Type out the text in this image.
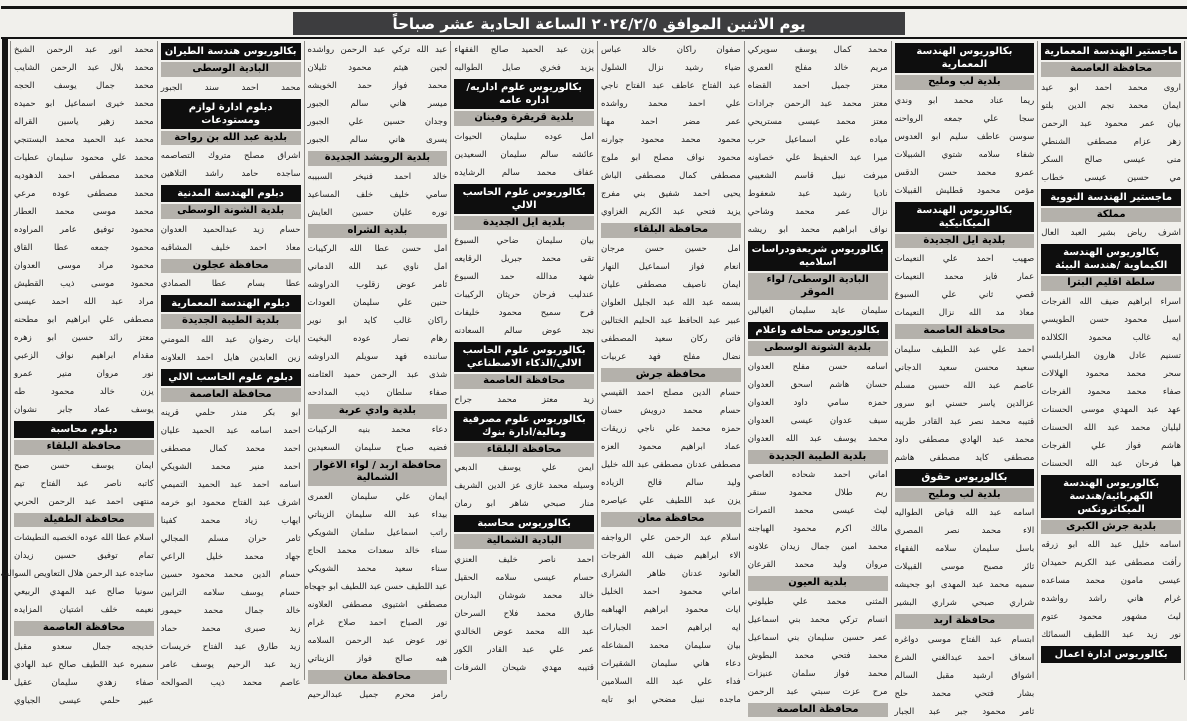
يوم الاثنين الموافق ٢٠٢٤/٢/٥ الساعة الحادية عشر صباحاً
ماجستير الهندسة المعمارية
محافظة العاصمة
اروى محمد احمد ابو عيد
ايمان محمد نجم الدين بلتو
بيان عمر محمود عبد الرحمن
زهر عزام مصطفى الشنطي
منى عيسى صالح السكر
مي حسين عيسى خطاب
ماجستير الهندسة النووية
مملكة
اشرف رياض بشير العبد العال
بكالوريوس الهندسة الكيماوية /هندسة البيئة
سلطة اقليم البترا
اسراء ابراهيم ضيف الله الفرجات
اسيل محمود حسن الطويسي
ايه غالب محمود الكلالده
تسنيم عادل هارون الطرابلسي
سحر محمد محمود الهلالات
صفاء محمد محمود الفرجات
عهد عبد المهدي موسى الحسنات
ليليان محمد عبد الله الحسنات
هاشم فواز علي الفرجات
هيا فرحان عبد الله الحسنات
بكالوريوس الهندسة الكهربائية/هندسة الميكاترونكس
بلدية جرش الكبرى
اسامه خليل عبد الله ابو زرقه
رأفت مصطفى عبد الكريم حميدان
عيسى مامون محمد مساعده
غرام هاني راشد رواشده
ليث مشهور محمود عتوم
نور زيد عبد اللطيف السمائك
بكالوريوس ادارة اعمال
بكالوريوس الهندسة المعمارية
بلدية لب ومليح
ريما عناد محمد ابو وندي
سجا علي جمعه الرواحنه
سوسن عاطف سليم ابو العدوس
شفاء سلامه شتوي الشبيلات
عمرو محمد حسن الدقس
مؤمن محمود قطليش القبيلات
بكالوريوس الهندسة الميكانيكية
بلدية ايل الجديدة
صهيب احمد علي النعيمات
عمار فايز محمد النعيمات
قصي ثاني علي السبوع
معاذ مد الله نزال النعيمات
محافظة العاصمة
احمد علي عبد اللطيف سليمان
سعيد محسن سعيد الدجاني
عاصم عبد الله حسين مسلم
عزالدين ياسر حسني ابو سرور
قتيبه محمد نصر عبد القادر طريبه
محمد عبد الهادي مصطفى داود
مصطفى كايد مصطفى هاشم
بكالوريوس حقوق
بلدية لب ومليح
اسامه عبد الله فياض الطواليه
الاء محمد نصر المصري
باسل سليمان سلامه الفقهاء
ثائر مصبح موسى القبيلات
سميه محمد عبد المهدى ابو جحيشه
شراري صبحي شراري البشير
محافظة اربد
ابتسام عبد الفتاح موسى دواغره
اسعاف احمد عبدالغني الشرع
اشواق ارشيد مقبل السالم
بشار فتحي محمد حلح
ثامر محمود جبر عبد الجبار
محمد كمال يوسف سويركي
مريم خالد مفلح العمري
معتز جميل احمد القضاه
معتز محمد عبد الرحمن جرادات
معتز محمد عيسى مستريحي
مياده علي اسماعيل حرب
ميرا عبد الحفيظ علي خصاونه
ميرفت نبيل قاسم الشعيبي
ناديا رشيد عبد شعفوط
نزال عمر محمد وشاحي
نواف ابراهيم محمد ابو ريشه
بكالوريوس شريعةودراسات اسلاميه
البادية الوسطى/ لواء الموقر
سليمان عايد سليمان الغيالين
بكالوريوس صحافه واعلام
بلدية الشونة الوسطى
اسامه حسن مفلح العدوان
حسان هاشم اسحق العدوان
حمزه سامي داود العدوان
سيف عدوان عيسى العدوان
محمد يوسف عبد الله العدوان
بلدية الطيبة الجديدة
اماني احمد شحاده العاصي
ريم طلال محمود سنقر
ليث عيسى محمد التمرات
مالك اكرم محمود الهياجنه
محمد امين جمال زيدان علاونه
مروان وليد محمد القرعان
بلدية العيون
المثنى محمد علي طيلوني
انسام تركي محمد بني اسماعيل
عمر حسين سليمان بني اسماعيل
محمد فتحي محمد البطوش
محمد فواز سلمان عنيزات
مرح عزت سبتي عبد الرحمن
محافظة العاصمة
صفوان راكان خالد عباس
ضياء رشيد نزال الشلول
عبد الفتاح عاطف عبد الفتاح ناجي
علي احمد محمد رواشده
عمر مضر احمد مهنا
محمود محمد محمود جوارنه
محمود نواف مصلح ابو ملوج
مصطفى كمال مصطفى الباش
يحيى احمد شفيق بني مفرج
يزيد فتحي عبد الكريم الغزاوي
محافظة البلقاء
امل حسين حسن مرجان
انعام فواز اسماعيل النهار
ايمان ناصيف مصطفى عليان
بسمه عبد الله عبد الجليل العلوان
عبير عبد الحافظ عبد الحليم الختالين
فاتن ركان سعيد المصطفى
نضال مفلح فهد عربيات
محافظة جرش
حسام الدين مصلح احمد القيسي
حسام محمد درويش حسان
حمزه محمد علي ناجي زريقات
عماد ابراهيم محمود العزه
مصطفى عدنان مصطفى عبد الله خليل
وليد سالم فالح الزياده
يزن عبد اللطيف علي عياصره
محافظة معان
اسلام عبد الرحمن علي الرواجفه
الاء ابراهيم ضيف الله الفرجات
العانود عدنان ظاهر الشرارى
اماني محمود احمد الخليل
ايات محمود ابراهيم الهباهبه
ايه ابراهيم احمد الجبارات
بيان سليمان محمد المشاعله
دعاء هاني سليمان الشقيرات
فداء علي عبد الله السلامين
ماجده نبيل مضحي ابو تايه
يزن عبد الحميد صالح الفقهاء
يزيد فخري صايل الطوالبه
بكالوريوس علوم اداريه/ اداره عامه
بلدية قريقرة وفينان
امل عوده سليمان الحيوات
عائشه سالم سليمان السعيدين
عفاف محمد سالم الرشايده
بكالوريوس علوم الحاسب الالي
بلدية ايل الجديدة
بيان سليمان ضاحي السبوع
تقى محمد جبريل الرقايعه
شهد مدالله حمد السبوع
عندليب فرحان حريثان الركيبات
فرح سميح محمود خليفات
نجد عوض سالم السعادنه
بكالوريوس علوم الحاسب الالي/الذكاء الاصطناعي
محافظة العاصمة
زيد معتز محمد جراح
بكالوريوس علوم مصرفية ومالية/ادارة بنوك
محافظة البلقاء
ايمن علي يوسف الدبعي
وسيله محمد غازى عز الدين الشريف
منار صبحي شاهر ابو رمان
بكالوريوس محاسبة
البادية الشمالية
احمد ناصر خليف العنزي
حسام عيسى سلامه الحقيل
خالد محمد شوشان البدارين
طارق محمد فلاح السرحان
عبد الله محمد عوض الخالدي
عمر علي عبد القادر الكور
قتيبه مهدي شيحان الشرفات
عبد الله تركي عبد الرحمن رواشده
لجين هيثم محمود ثليلان
محمد فواز حمد الخويشه
ميسر هاني سالم الجبور
وجدان حسين علي الجبور
يسرى هاني سالم الجبور
بلدية الرويشد الجديدة
خالد احمد فنيخر السبيبه
سامي خليف خلف المساعيد
نوره عليان حسين العايش
بلدية الشراه
امل حسن عطا الله الركيبات
امل ناوي عبد الله الدماني
ثامر عوض زقلوب الدراوشه
حنين علي سليمان العودات
راكان غالب كايد ابو نوير
رهام نصار عوده البخيت
ساننده فهد سويلم الدراوشه
شذى عبد الرحمن حميد العثامنه
صفاء سلطان ذيب المدادحه
بلدية وادي عربة
دعاء محمد بنيه الركيبات
فضيه صباح سليمان السعيدين
محافظة اربد / لواء الاغوار الشمالية
ايمان علي سليمان العمرى
بيداء عبد الله سليمان الزيناتي
راتب اسماعيل سلمان الشويكي
سناء خالد سعدات محمد الحاج
سناء سعيد محمد الشويكي
عبد اللطيف حسن عبد اللطيف ابو جهجاه
مصطفى اشتيوى مصطفى العلاونه
نور الصباح احمد صلاح غرام
نور عوض عبد الرحمن السلامه
هبه صالح فواز الزيناتي
محافظة معان
رامز محرم جميل عبدالرحيم
بكالوريوس هندسة الطيران
البادية الوسطى
محمد احمد سند الجبور
دبلوم ادارة لوازم ومستودعات
بلدية عبد الله بن رواحة
اشراق مصلح متروك التصاصمه
ساجده حامد راشد التلاهين
دبلوم الهندسة المدنية
بلدية الشونة الوسطى
حسام زيد عبدالحميد العدوان
معاذ احمد خليف المشاقبه
محافظة عجلون
عطا بسام عطا الصمادي
دبلوم الهندسة المعمارية
بلدية الطيبة الجديدة
ايات رضوان عبد الله المومني
زين العابدين هايل احمد العلاونه
دبلوم علوم الحاسب الالي
محافظة العاصمة
ابو بكر منذر حلمي قرينه
احمد اسامه عبد الحميد عليان
احمد محمد كمال مصطفى
احمد منير محمد الشويكي
اسامه احمد عبد الحميد التميمي
اشرف عبد الفتاح محمود ابو خرمه
ايهاب زياد محمد كفينا
ثامر حران مسلم المجالي
جهاد محمد خليل الراعي
حسام الدين محمد محمود حسين
حسام يوسف سلامه الترابين
خالد جمال محمد حيمور
زيد صبرى محمد حماد
زيد طارق عبد الفتاح خريسات
زيد عبد الرحيم يوسف عامر
عاصم محمد ذيب الصوالحه
محمد انور عبد الرحمن الشيخ
محمد بلال عبد الرحمن الشايب
محمد جمال يوسف الحجه
محمد خيرى اسماعيل ابو حميده
محمد زهير ياسين القراله
محمد عبد الحميد محمد البستنجي
محمد علي محمود سليمان عطيات
محمد مصطفى احمد الدهوديه
محمد مصطفى عوده مرعي
محمد موسى محمد العطار
محمود توفيق عامر المراوده
محمود جمعه عطا القاق
محمود مراد موسى العدوان
محمود موسى ذيب القطيش
مراد عبد الله احمد عيسى
مصطفى علي ابراهيم ابو مطحنه
معتز رائد حسين ابو زهره
مقدام ابراهيم نواف الزعبي
نور مروان منير عمرو
يزن خالد محمود طه
يوسف عماد جابر نشوان
دبلوم محاسبة
محافظة البلقاء
ايمان يوسف حسن صبح
كاتبه ناصر عبد الفتاح تيم
منتهى احمد عبد الرحمن الحربي
محافظة الطفيلة
اسلام عطا الله عوده الخصبه النطيشات
تمام توفيق حسين زيدان
ساجده عبد الرحمن هلال التعاويص السوالقه
سونيا صالح عبد المهدي الربيعي
نعيمه خلف اشتيان المزايده
محافظة العاصمة
خديجه جمال سعدو مقبل
سميره عبد اللطيف صالح عبد الهادي
صفاء زهدي سليمان عقيل
عبير حلمي عيسى الجياوي
